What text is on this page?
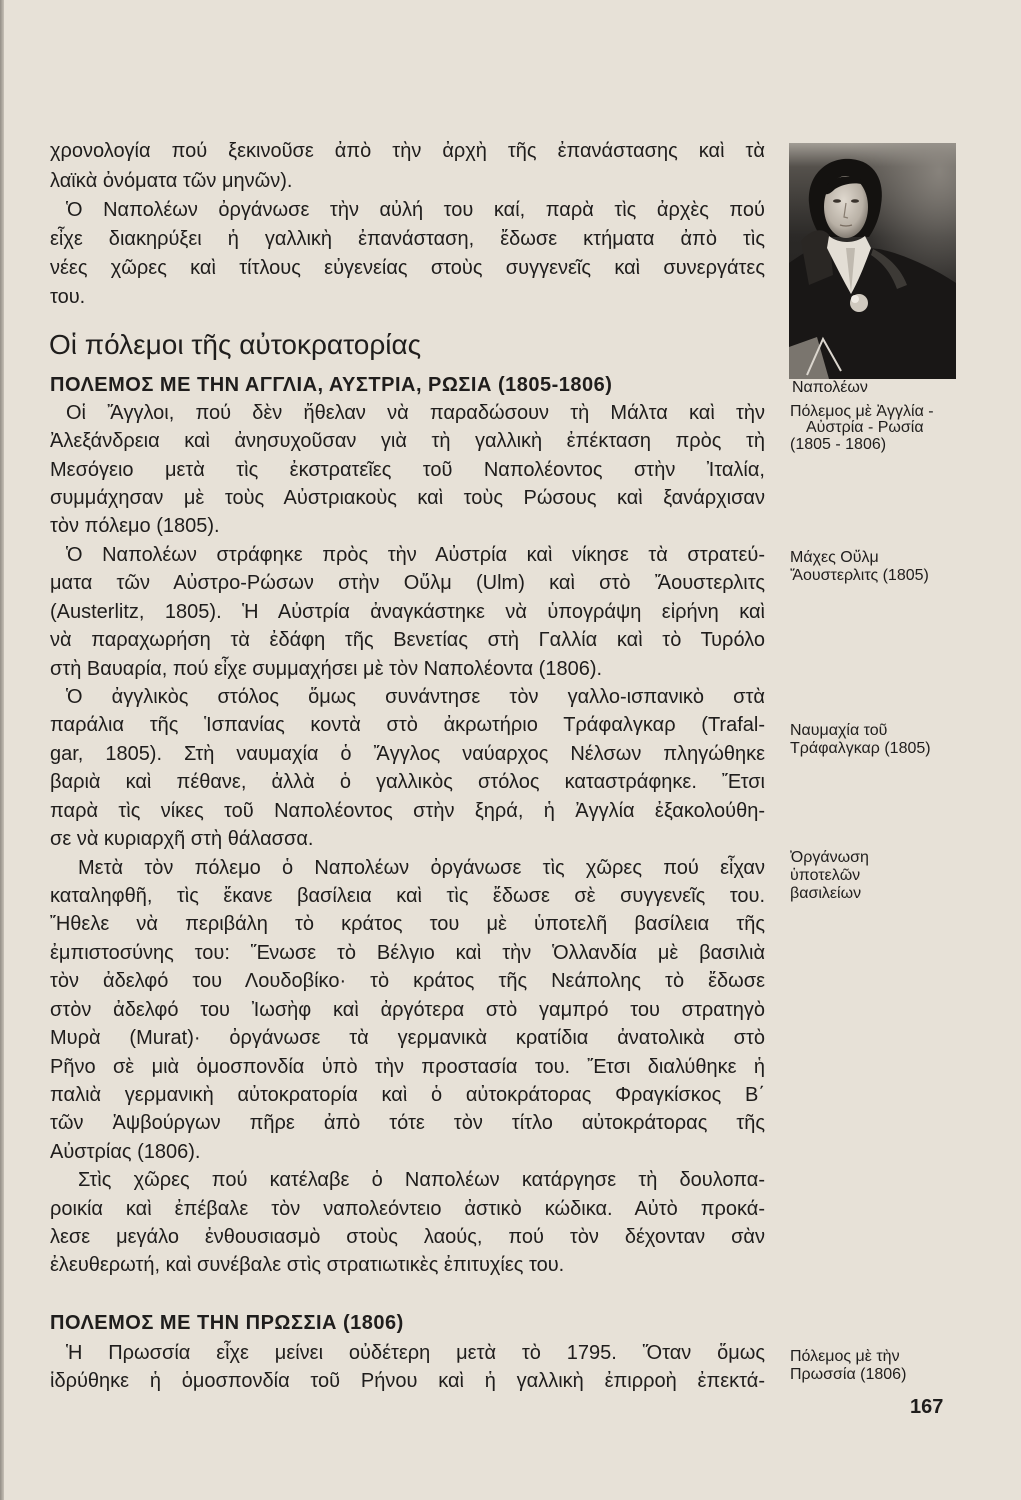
χρονολογία πού ξεκινοῦσε ἀπὸ τὴν ἀρχὴ τῆς ἐπανάστασης καὶ τὰ
λαϊκὰ ὀνόματα τῶν μηνῶν).
Ὁ Ναπολέων ὀργάνωσε τὴν αὐλή του καί, παρὰ τὶς ἀρχὲς πού
εἶχε διακηρύξει ἡ γαλλικὴ ἐπανάσταση, ἔδωσε κτήματα ἀπὸ τὶς
νέες χῶρες καὶ τίτλους εὐγενείας στοὺς συγγενεῖς καὶ συνεργάτες
του.
Οἱ πόλεμοι τῆς αὐτοκρατορίας
ΠΟΛΕΜΟΣ ΜΕ ΤΗΝ ΑΓΓΛΙΑ, ΑΥΣΤΡΙΑ, ΡΩΣΙΑ (1805-1806)
Οἱ Ἄγγλοι, πού δὲν ἤθελαν νὰ παραδώσουν τὴ Μάλτα καὶ τὴν
Ἀλεξάνδρεια καὶ ἀνησυχοῦσαν γιὰ τὴ γαλλικὴ ἐπέκταση πρὸς τὴ
Μεσόγειο μετὰ τὶς ἐκστρατεῖες τοῦ Ναπολέοντος στὴν Ἰταλία,
συμμάχησαν μὲ τοὺς Αὐστριακοὺς καὶ τοὺς Ρώσους καὶ ξανάρχισαν
τὸν πόλεμο (1805).
Ὁ Ναπολέων στράφηκε πρὸς τὴν Αὐστρία καὶ νίκησε τὰ στρατεύ-
ματα τῶν Αὐστρο-Ρώσων στὴν Οὔλμ (Ulm) καὶ στὸ Ἄουστερλιτς
(Austerlitz, 1805). Ἡ Αὐστρία ἀναγκάστηκε νὰ ὑπογράψη εἰρήνη καὶ
νὰ παραχωρήση τὰ ἐδάφη τῆς Βενετίας στὴ Γαλλία καὶ τὸ Τυρόλο
στὴ Βαυαρία, πού εἶχε συμμαχήσει μὲ τὸν Ναπολέοντα (1806).
Ὁ ἀγγλικὸς στόλος ὅμως συνάντησε τὸν γαλλο-ισπανικὸ στὰ
παράλια τῆς Ἱσπανίας κοντὰ στὸ ἀκρωτήριο Τράφαλγκαρ (Trafal-
gar, 1805). Στὴ ναυμαχία ὁ Ἄγγλος ναύαρχος Νέλσων πληγώθηκε
βαριὰ καὶ πέθανε, ἀλλὰ ὁ γαλλικὸς στόλος καταστράφηκε. Ἔτσι
παρὰ τὶς νίκες τοῦ Ναπολέοντος στὴν ξηρά, ἡ Ἀγγλία ἐξακολούθη-
σε νὰ κυριαρχῆ στὴ θάλασσα.
Μετὰ τὸν πόλεμο ὁ Ναπολέων ὀργάνωσε τὶς χῶρες πού εἶχαν
καταληφθῆ, τὶς ἔκανε βασίλεια καὶ τὶς ἔδωσε σὲ συγγενεῖς του.
Ἤθελε νὰ περιβάλη τὸ κράτος του μὲ ὑποτελῆ βασίλεια τῆς
ἐμπιστοσύνης του: Ἕνωσε τὸ Βέλγιο καὶ τὴν Ὁλλανδία μὲ βασιλιὰ
τὸν ἀδελφό του Λουδοβίκο· τὸ κράτος τῆς Νεάπολης τὸ ἔδωσε
στὸν ἀδελφό του Ἰωσὴφ καὶ ἀργότερα στὸ γαμπρό του στρατηγὸ
Μυρὰ (Murat)· ὀργάνωσε τὰ γερμανικὰ κρατίδια ἀνατολικὰ στὸ
Ρῆνο σὲ μιὰ ὁμοσπονδία ὑπὸ τὴν προστασία του. Ἔτσι διαλύθηκε ἡ
παλιὰ γερμανικὴ αὐτοκρατορία καὶ ὁ αὐτοκράτορας Φραγκίσκος Β΄
τῶν Ἁψβούργων πῆρε ἀπὸ τότε τὸν τίτλο αὐτοκράτορας τῆς
Αὐστρίας (1806).
Στὶς χῶρες πού κατέλαβε ὁ Ναπολέων κατάργησε τὴ δουλοπα-
ροικία καὶ ἐπέβαλε τὸν ναπολεόντειο ἀστικὸ κώδικα. Αὐτὸ προκά-
λεσε μεγάλο ἐνθουσιασμὸ στοὺς λαούς, πού τὸν δέχονταν σὰν
ἐλευθερωτή, καὶ συνέβαλε στὶς στρατιωτικὲς ἐπιτυχίες του.
ΠΟΛΕΜΟΣ ΜΕ ΤΗΝ ΠΡΩΣΣΙΑ (1806)
Ἡ Πρωσσία εἶχε μείνει οὐδέτερη μετὰ τὸ 1795. Ὅταν ὅμως
ἱδρύθηκε ἡ ὁμοσπονδία τοῦ Ρήνου καὶ ἡ γαλλικὴ ἐπιρροὴ ἐπεκτά-
Ναπολέων
Πόλεμος μὲ Ἀγγλία -
Αὐστρία - Ρωσία
(1805 - 1806)
Μάχες Οὔλμ
Ἄουστερλιτς (1805)
Ναυμαχία τοῦ
Τράφαλγκαρ (1805)
Ὀργάνωση
ὑποτελῶν
βασιλείων
Πόλεμος μὲ τὴν
Πρωσσία (1806)
167
